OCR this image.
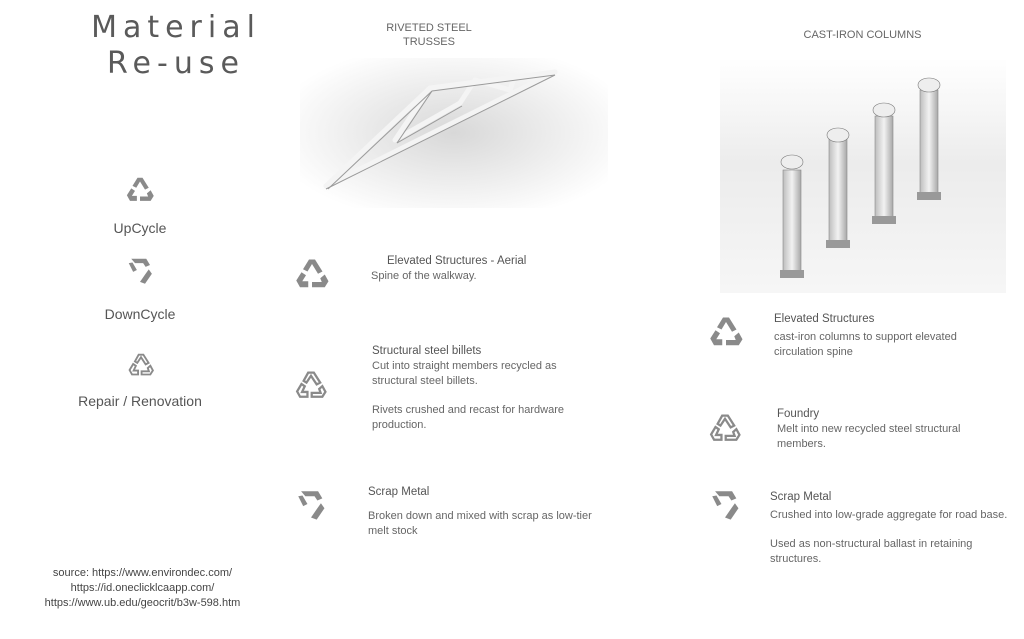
Material
Re-use
UpCycle
DownCycle
Repair / Renovation
RIVETED STEEL
TRUSSES

Elevated Structures - Aerial

Spine of the walkway.

Structural steel billets

Cut into straight members recycled as structural steel billets.

Rivets crushed and recast for hardware production.

Scrap Metal

Broken down and mixed with scrap as low-tier melt stock

CAST-IRON COLUMNS

Elevated Structures

cast-iron columns to support elevated circulation spine

Foundry

Melt into new recycled steel structural members.

Scrap Metal

Crushed into low-grade aggregate for road base.

Used as non-structural ballast in retaining structures.

source: https://www.environdec.com/
https://id.oneclicklcaapp.com/
https://www.ub.edu/geocrit/b3w-598.htm
